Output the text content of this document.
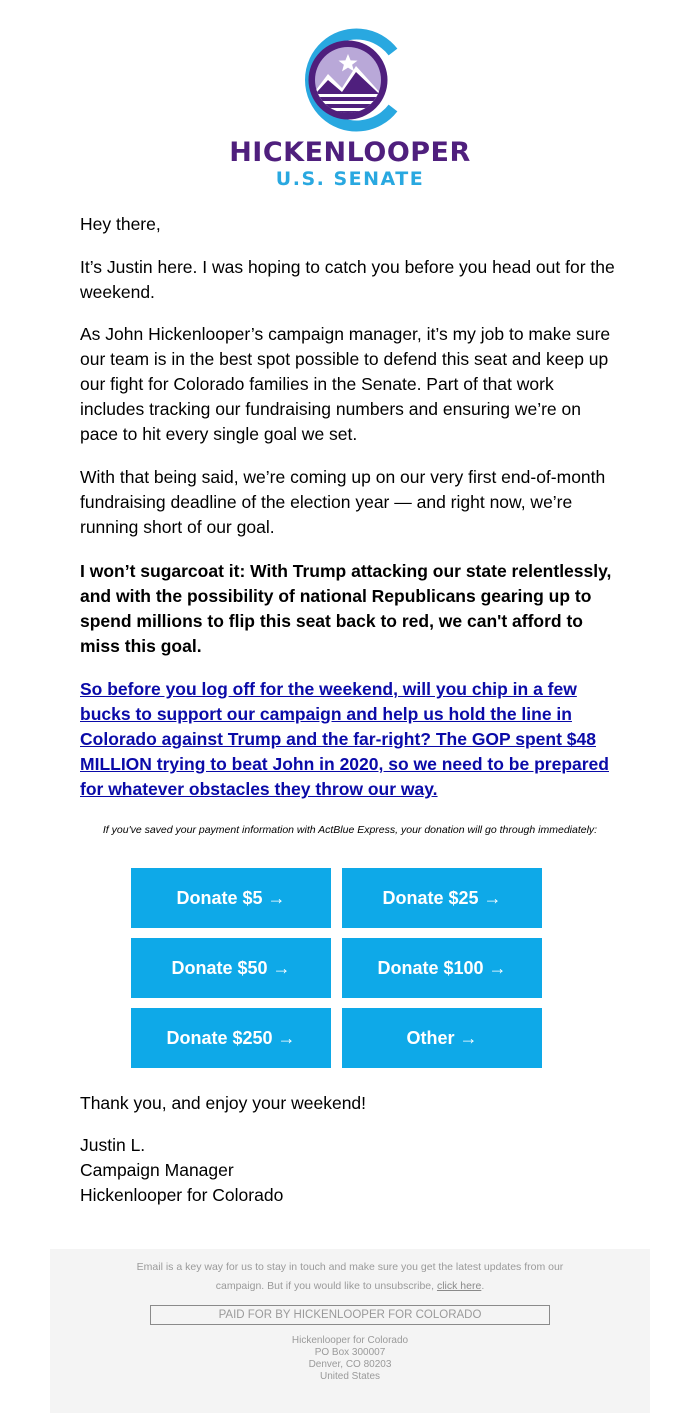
HICKENLOOPER
U.S. SENATE
Hey there,
It’s Justin here. I was hoping to catch you before you head out for the weekend.
As John Hickenlooper’s campaign manager, it’s my job to make sure our team is in the best spot possible to defend this seat and keep up our fight for Colorado families in the Senate. Part of that work includes tracking our fundraising numbers and ensuring we’re on pace to hit every single goal we set.
With that being said, we’re coming up on our very first end-of-month fundraising deadline of the election year — and right now, we’re running short of our goal.
I won’t sugarcoat it: With Trump attacking our state relentlessly, and with the possibility of national Republicans gearing up to spend millions to flip this seat back to red, we can't afford to miss this goal.
So before you log off for the weekend, will you chip in a few bucks to support our campaign and help us hold the line in Colorado against Trump and the far-right? The GOP spent $48 MILLION trying to beat John in 2020, so we need to be prepared for whatever obstacles they throw our way.
If you've saved your payment information with ActBlue Express, your donation will go through immediately:
Donate $5 →	Donate $25 →
Donate $50 →	Donate $100 →
Donate $250 →	Other →
Thank you, and enjoy your weekend!
Justin L.
Campaign Manager
Hickenlooper for Colorado
Email is a key way for us to stay in touch and make sure you get the latest updates from our campaign. But if you would like to unsubscribe, click here.
PAID FOR BY HICKENLOOPER FOR COLORADO
Hickenlooper for Colorado
PO Box 300007
Denver, CO 80203
United States
